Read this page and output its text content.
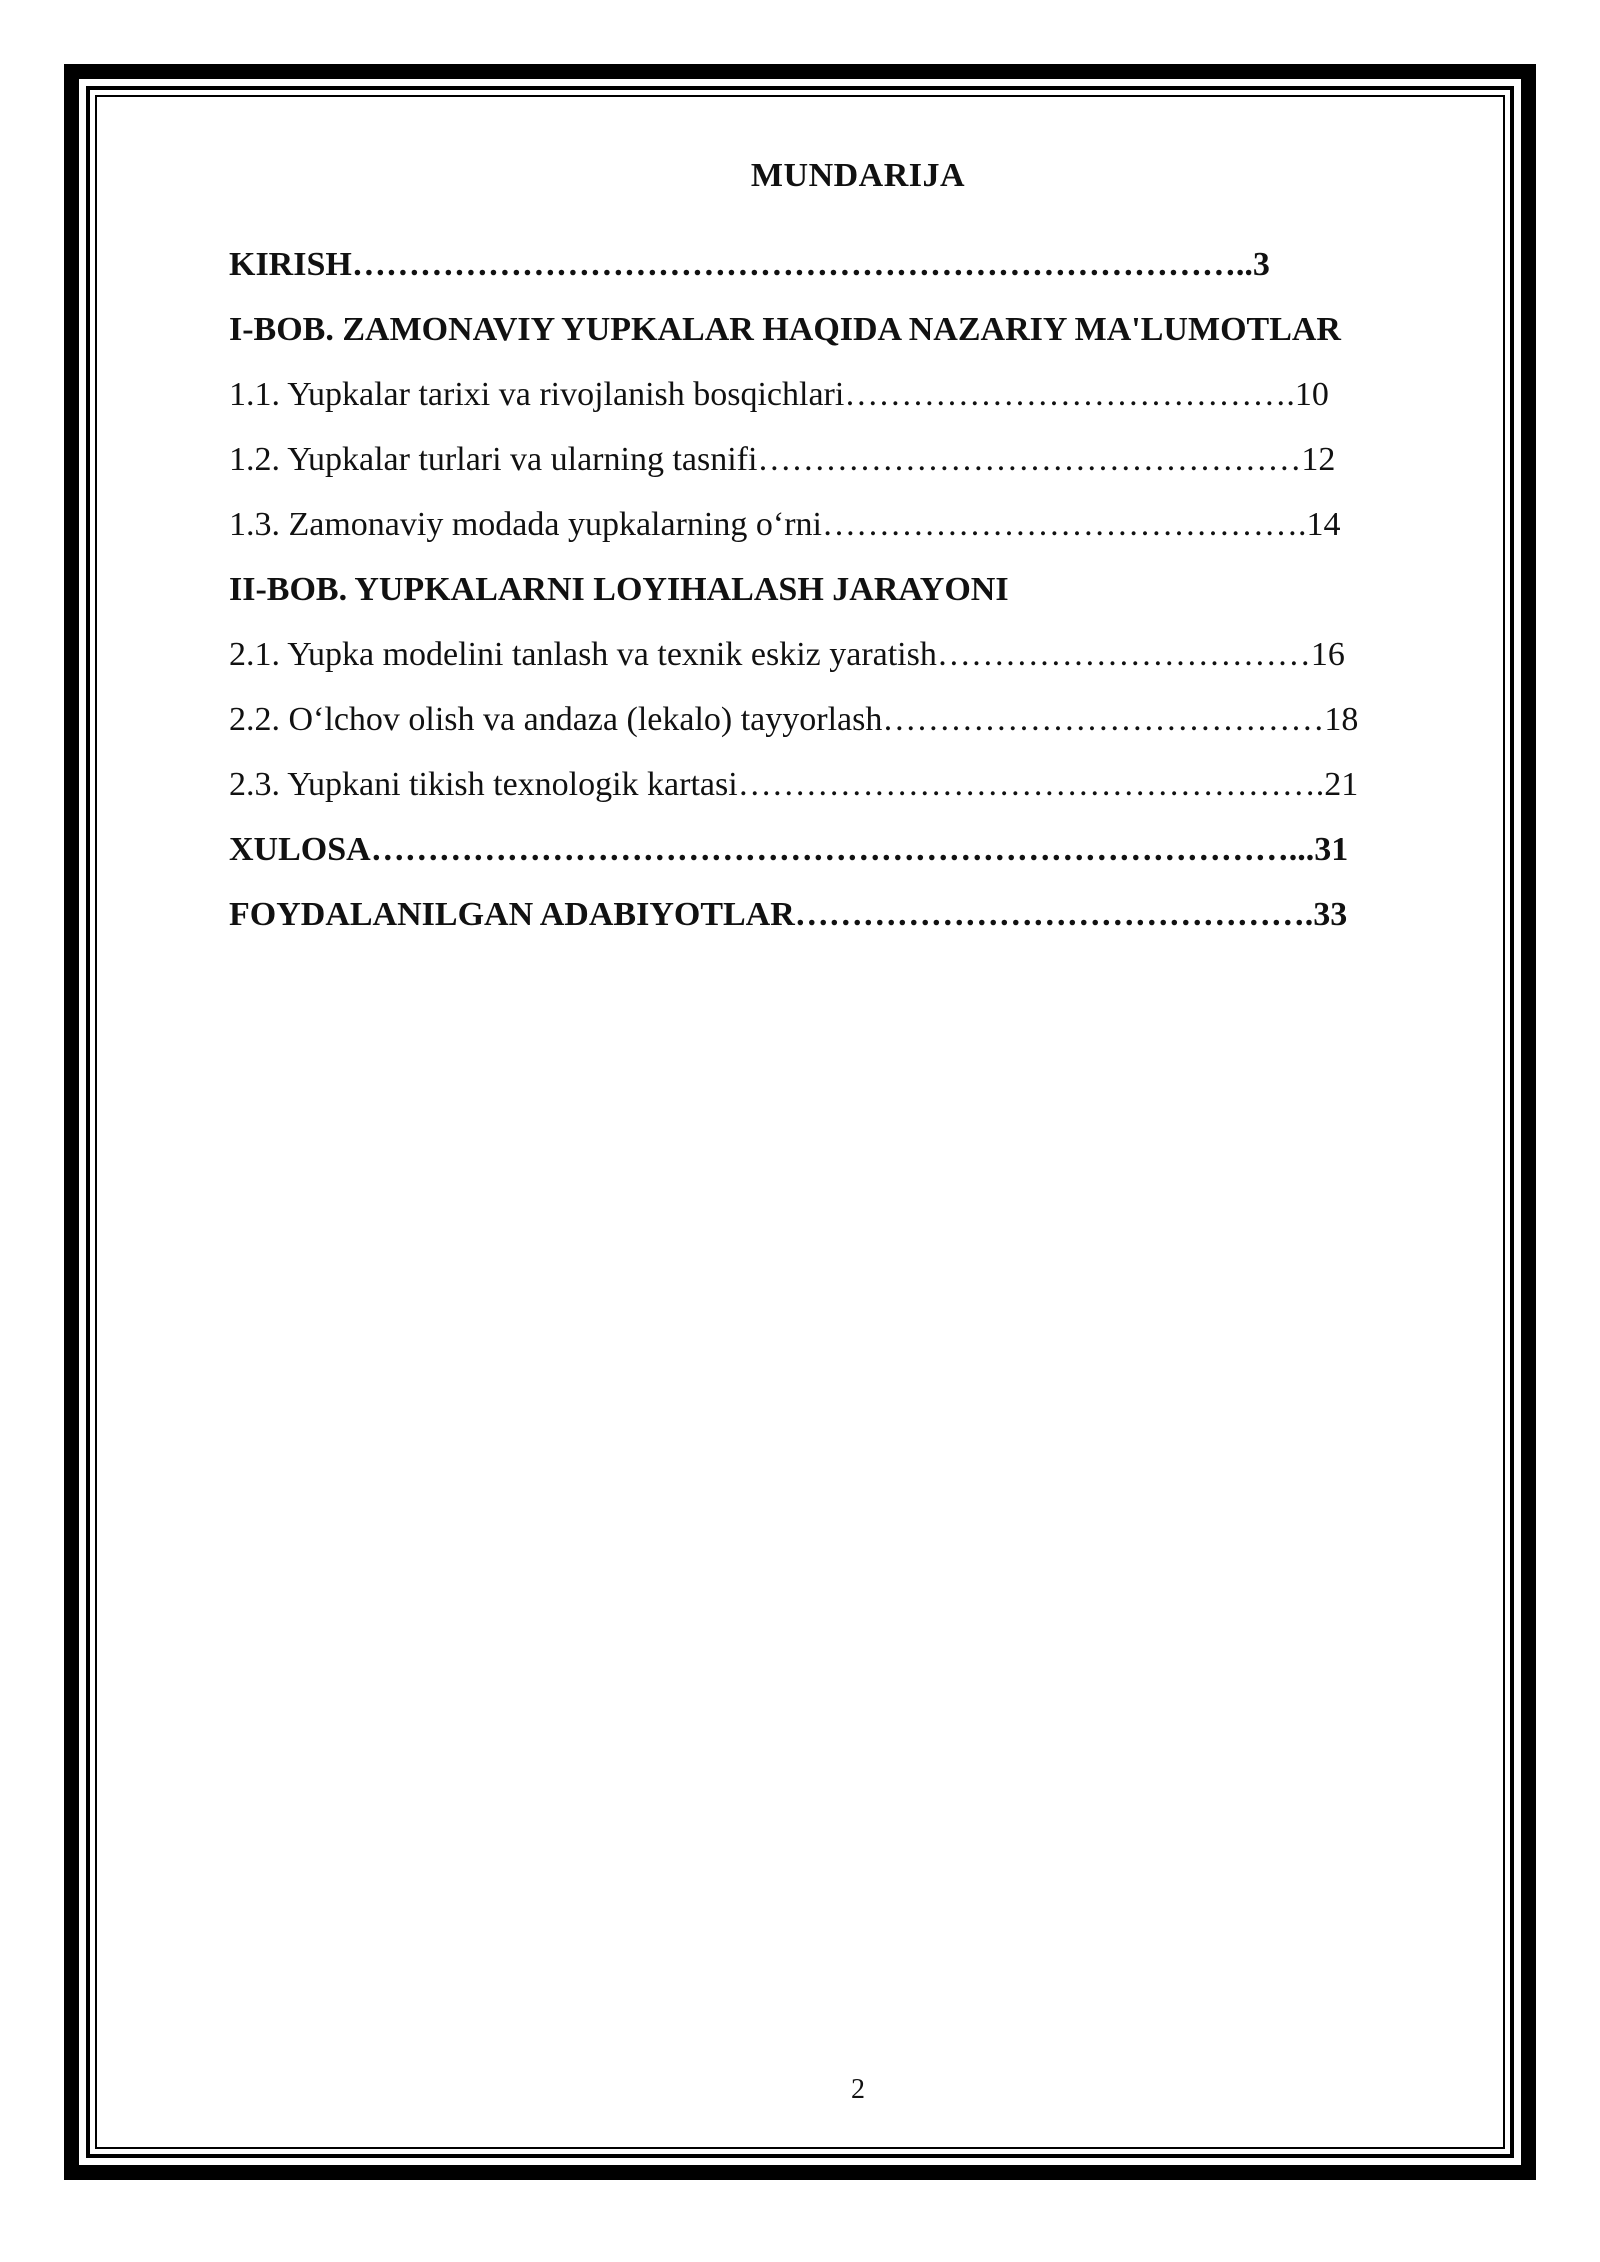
MUNDARIJA
KIRISH……………………………………………………………………..3
I-BOB. ZAMONAVIY YUPKALAR HAQIDA NAZARIY MA'LUMOTLAR
1.1. Yupkalar tarixi va rivojlanish bosqichlari………………………………….10
1.2. Yupkalar turlari va ularning tasnifi…………………………………………12
1.3. Zamonaviy modada yupkalarning oʻrni…………………………………….14
II-BOB. YUPKALARNI LOYIHALASH JARAYONI
2.1. Yupka modelini tanlash va texnik eskiz yaratish……………………………16
2.2. Oʻlchov olish va andaza (lekalo) tayyorlash…………………………………18
2.3. Yupkani tikish texnologik kartasi…………………………………………….21
XULOSA………………………………………………………………………...31
FOYDALANILGAN ADABIYOTLAR……………………………………….33
2
